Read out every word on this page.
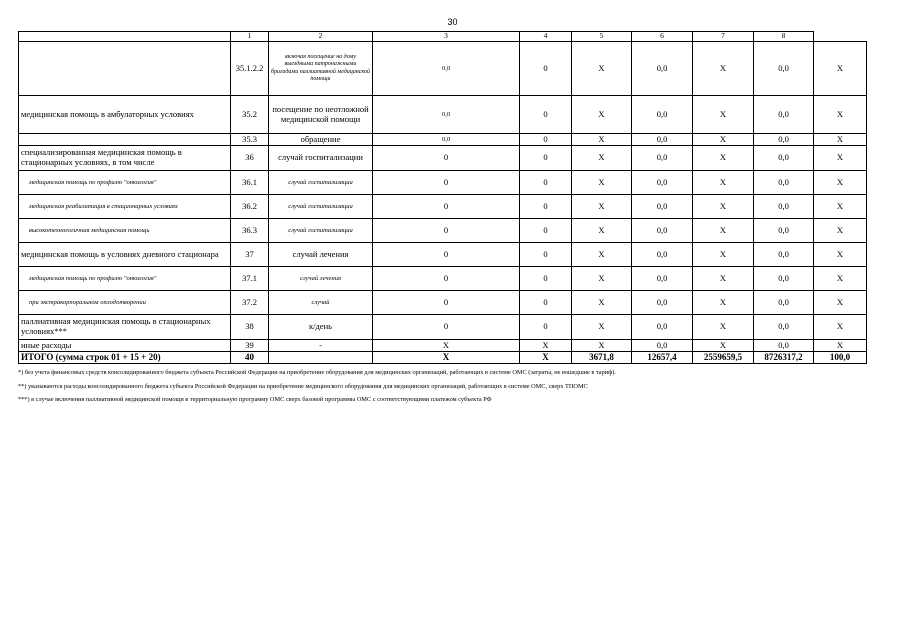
30
	1	2	3	4	5	6	7	8	
	35.1.2.2	включая посещение на дому выездными патронажными бригадами паллиативной медицинской помощи	0,0	0	X	0,0	X	0,0	X
медицинская помощь в амбулаторных условиях	35.2	посещение по неотложной медицинской помощи	0,0	0	X	0,0	X	0,0	X
	35.3	обращение	0,0	0	X	0,0	X	0,0	X
специализированная медицинская помощь в стационарных условиях, в том числе	36	случай госпитализации	0	0	X	0,0	X	0,0	X
медицинская помощь по профилю "онкология"	36.1	случай госпитализации	0	0	X	0,0	X	0,0	X
медицинская реабилитация в стационарных условиях	36.2	случай госпитализации	0	0	X	0,0	X	0,0	X
высокотехнологичная медицинская помощь	36.3	случай госпитализации	0	0	X	0,0	X	0,0	X
медицинская помощь в условиях дневного стационара	37	случай лечения	0	0	X	0,0	X	0,0	X
медицинская помощь по профилю "онкология"	37.1	случай лечения	0	0	X	0,0	X	0,0	X
при экстракорпоральном оплодотворении	37.2	случай	0	0	X	0,0	X	0,0	X
паллиативная медицинская помощь в стационарных условиях***	38	к/день	0	0	X	0,0	X	0,0	X
иные расходы	39	-	X	X	X	0,0	X	0,0	X
ИТОГО (сумма строк 01 + 15 + 20)	40		X	X	3671,8	12657,4	2559659,5	8726317,2	100,0
*) без учета финансовых средств консолидированного бюджета субъекта Российской Федерации на приобретение оборудования для медицинских организаций, работающих в системе ОМС (затраты, не вошедшие в тариф).
**) указываются расходы консолидированного бюджета субъекта Российской Федерации на приобретение медицинского оборудования для медицинских организаций, работающих в системе ОМС, сверх ТПОМС
***) в случае включения паллиативной медицинской помощи в территориальную программу ОМС сверх базовой программы ОМС с соответствующими платежом субъекта РФ
